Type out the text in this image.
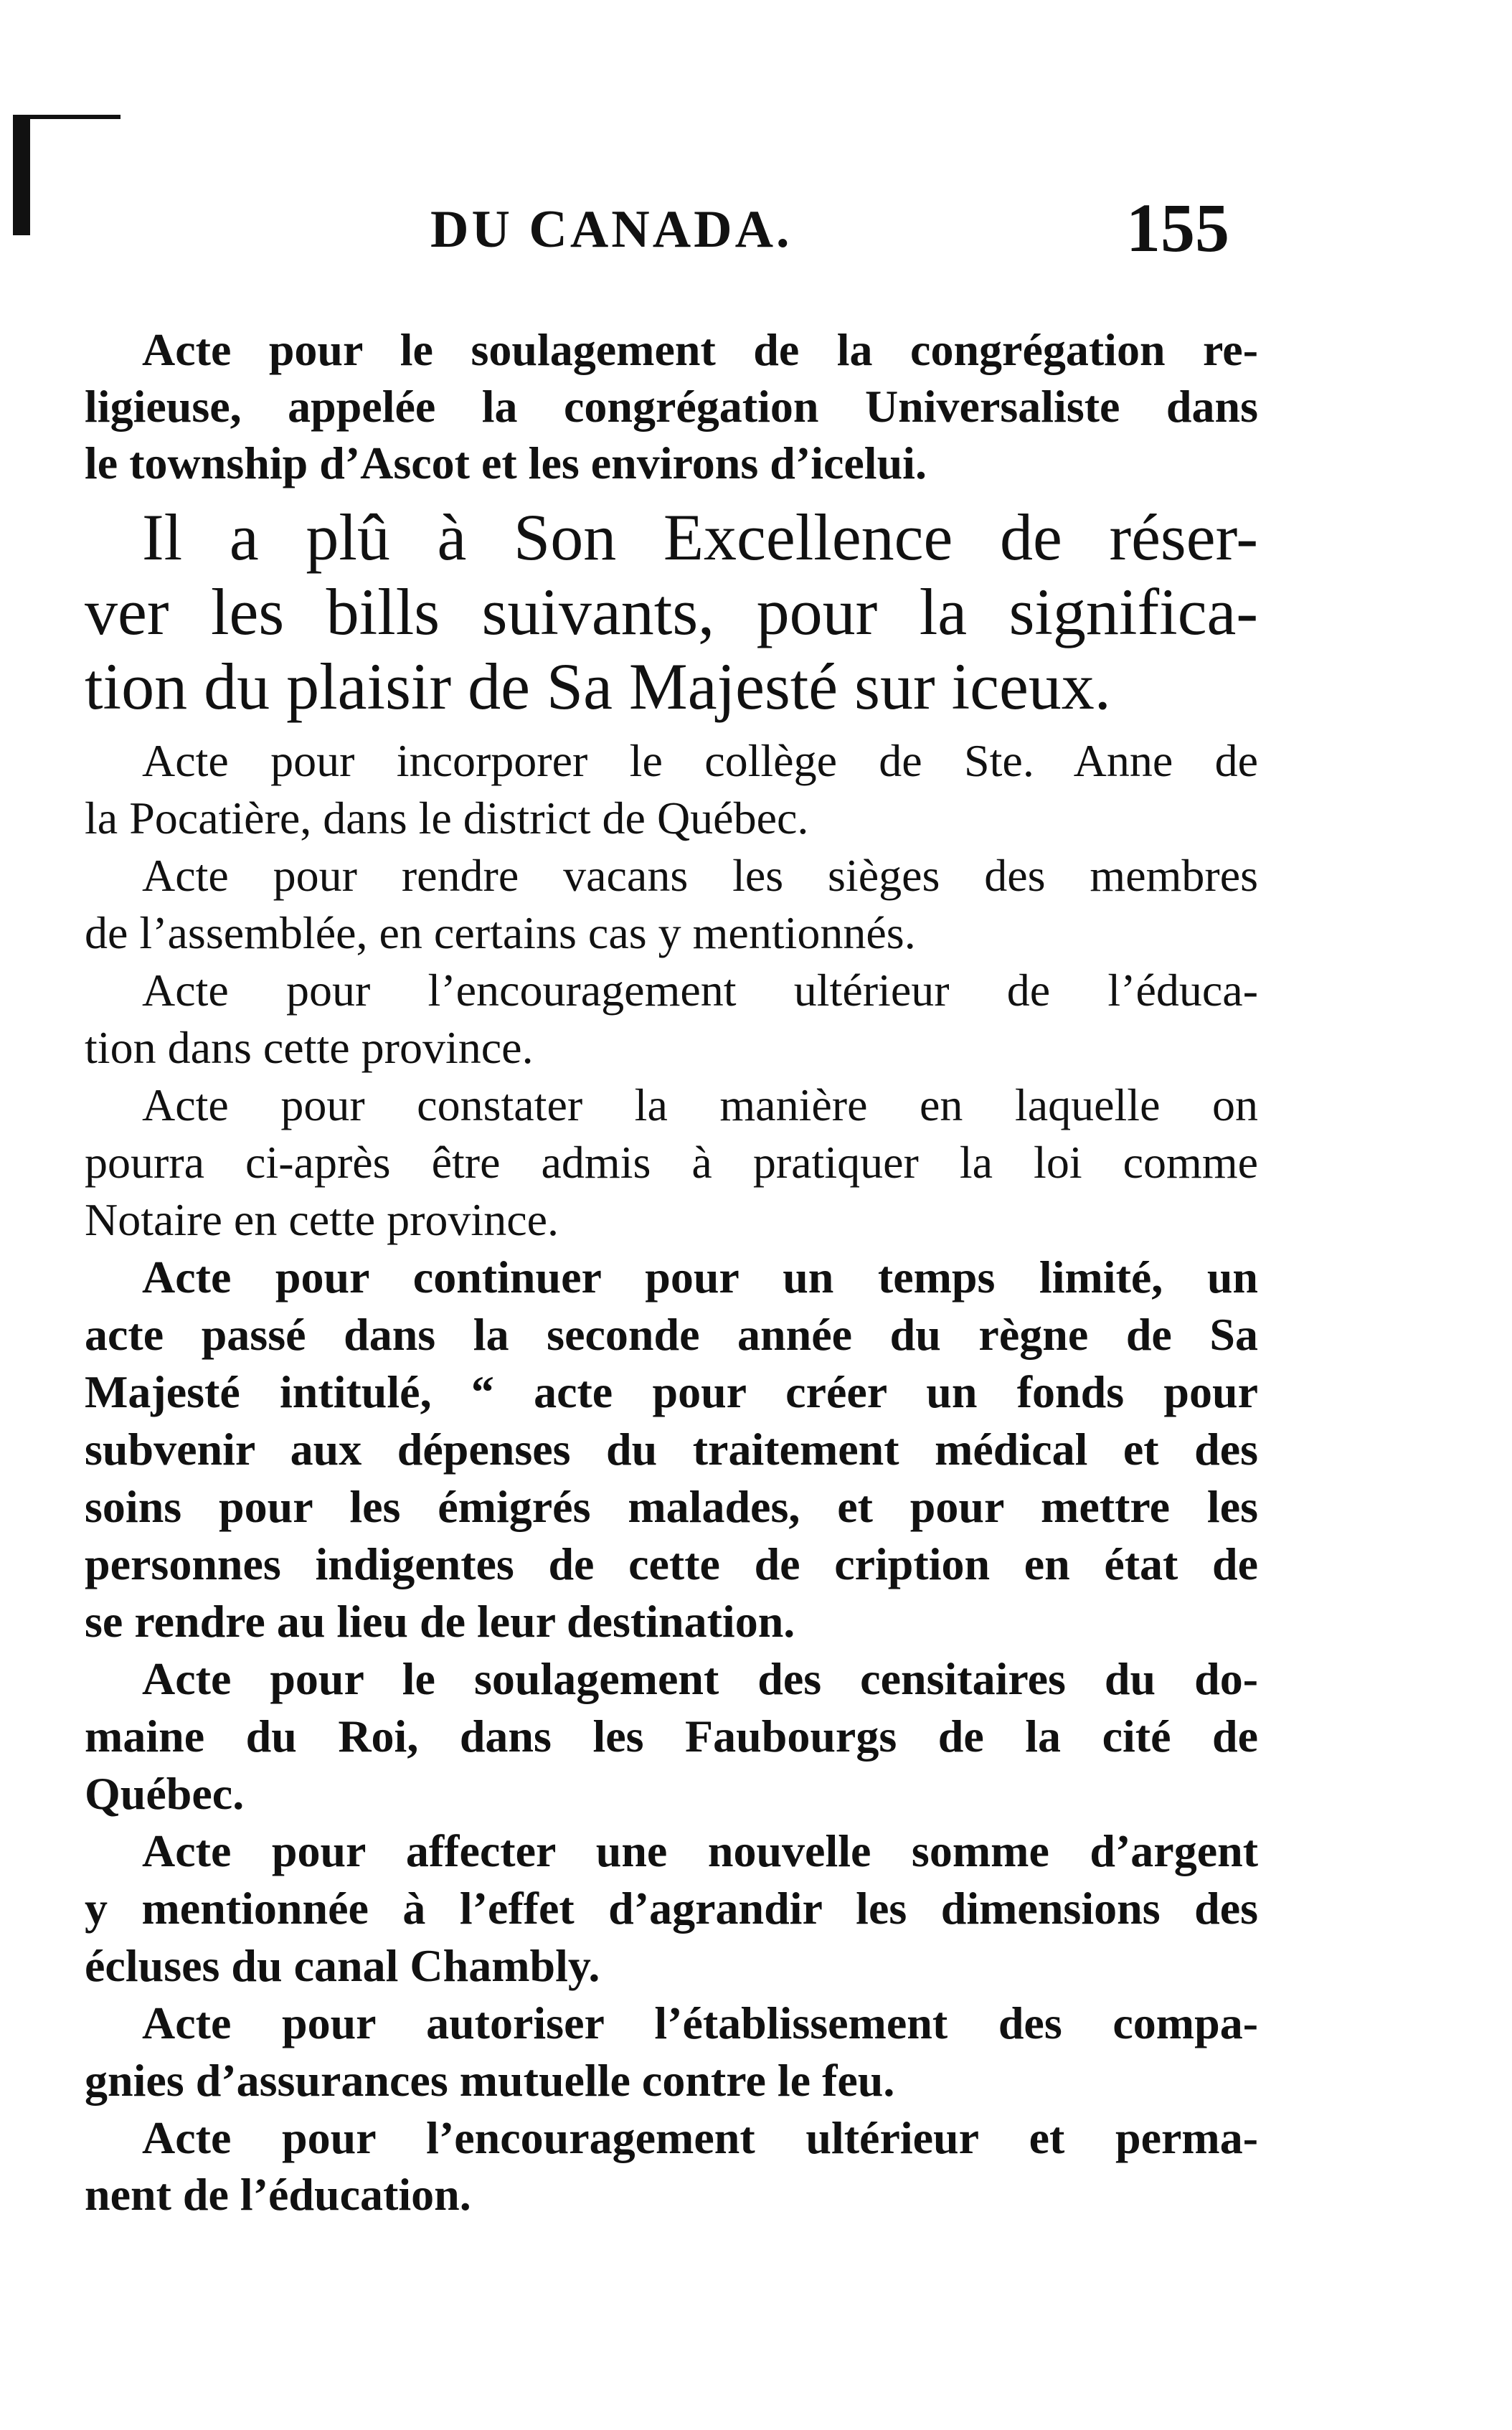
DU CANADA.	155
Acte pour le soulagement de la congrégation re-
ligieuse, appelée la congrégation Universaliste dans
le township d’Ascot et les environs d’icelui.
Il a plû à Son Excellence de réser-
ver les bills suivants, pour la significa-
tion du plaisir de Sa Majesté sur iceux.
Acte pour incorporer le collège de Ste. Anne de
la Pocatière, dans le district de Québec.
Acte pour rendre vacans les sièges des membres
de l’assemblée, en certains cas y mentionnés.
Acte pour l’encouragement ultérieur de l’éduca-
tion dans cette province.
Acte pour constater la manière en laquelle on
pourra ci-après être admis à pratiquer la loi comme
Notaire en cette province.
Acte pour continuer pour un temps limité, un
acte passé dans la seconde année du règne de Sa
Majesté intitulé, “ acte pour créer un fonds pour
subvenir aux dépenses du traitement médical et des
soins pour les émigrés malades, et pour mettre les
personnes indigentes de cette de cription en état de
se rendre au lieu de leur destination.
Acte pour le soulagement des censitaires du do-
maine du Roi, dans les Faubourgs de la cité de
Québec.
Acte pour affecter une nouvelle somme d’argent
y mentionnée à l’effet d’agrandir les dimensions des
écluses du canal Chambly.
Acte pour autoriser l’établissement des compa-
gnies d’assurances mutuelle contre le feu.
Acte pour l’encouragement ultérieur et perma-
nent de l’éducation.
